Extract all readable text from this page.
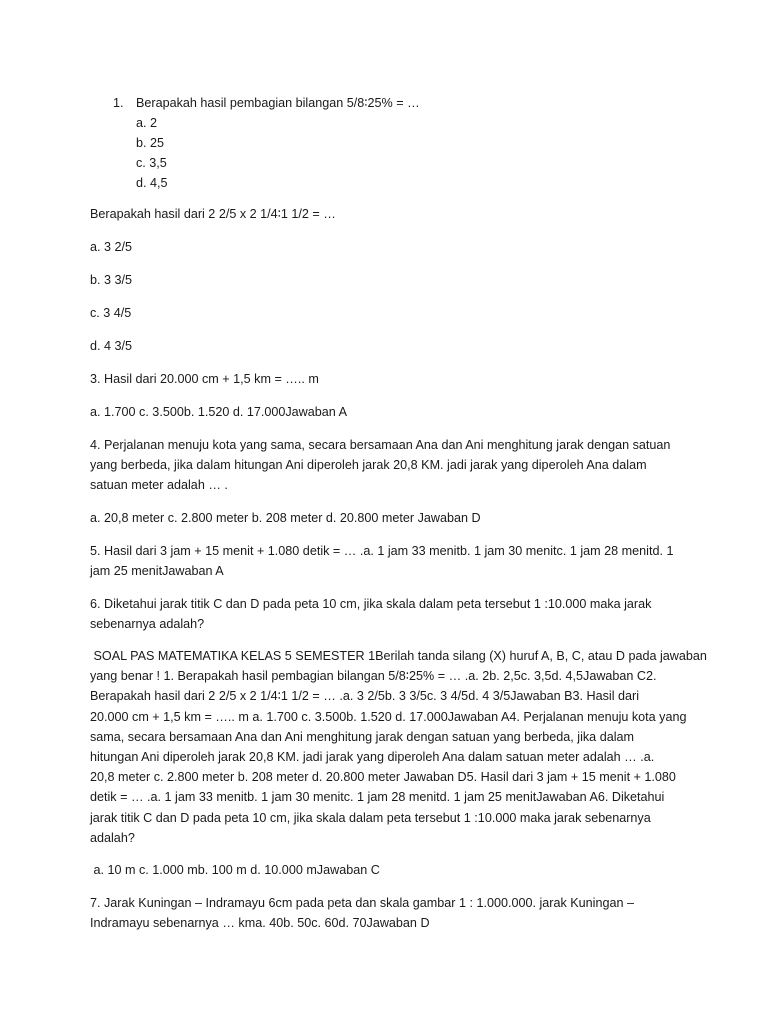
1. Berapakah hasil pembagian bilangan 5/8∶25% = …
a. 2
b. 25
c. 3,5
d. 4,5
Berapakah hasil dari 2 2/5 x 2 1/4∶1 1/2 = …
a. 3 2/5
b. 3 3/5
c. 3 4/5
d. 4 3/5
3. Hasil dari 20.000 cm + 1,5 km = ….. m
a. 1.700 c. 3.500b. 1.520 d. 17.000Jawaban A
4. Perjalanan menuju kota yang sama, secara bersamaan Ana dan Ani menghitung jarak dengan satuan
yang berbeda, jika dalam hitungan Ani diperoleh jarak 20,8 KM. jadi jarak yang diperoleh Ana dalam
satuan meter adalah … .
a. 20,8 meter c. 2.800 meter b. 208 meter d. 20.800 meter Jawaban D
5. Hasil dari 3 jam + 15 menit + 1.080 detik = … .a. 1 jam 33 menitb. 1 jam 30 menitc. 1 jam 28 menitd. 1
jam 25 menitJawaban A
6. Diketahui jarak titik C dan D pada peta 10 cm, jika skala dalam peta tersebut 1 :10.000 maka jarak
sebenarnya adalah?
SOAL PAS MATEMATIKA KELAS 5 SEMESTER 1Berilah tanda silang (X) huruf A, B, C, atau D pada jawaban
yang benar ! 1. Berapakah hasil pembagian bilangan 5/8∶25% = … .a. 2b. 2,5c. 3,5d. 4,5Jawaban C2.
Berapakah hasil dari 2 2/5 x 2 1/4∶1 1/2 = … .a. 3 2/5b. 3 3/5c. 3 4/5d. 4 3/5Jawaban B3. Hasil dari
20.000 cm + 1,5 km = ….. m a. 1.700 c. 3.500b. 1.520 d. 17.000Jawaban A4. Perjalanan menuju kota yang
sama, secara bersamaan Ana dan Ani menghitung jarak dengan satuan yang berbeda, jika dalam
hitungan Ani diperoleh jarak 20,8 KM. jadi jarak yang diperoleh Ana dalam satuan meter adalah … .a.
20,8 meter c. 2.800 meter b. 208 meter d. 20.800 meter Jawaban D5. Hasil dari 3 jam + 15 menit + 1.080
detik = … .a. 1 jam 33 menitb. 1 jam 30 menitc. 1 jam 28 menitd. 1 jam 25 menitJawaban A6. Diketahui
jarak titik C dan D pada peta 10 cm, jika skala dalam peta tersebut 1 :10.000 maka jarak sebenarnya
adalah?
a. 10 m c. 1.000 mb. 100 m d. 10.000 mJawaban C
7. Jarak Kuningan – Indramayu 6cm pada peta dan skala gambar 1 : 1.000.000. jarak Kuningan –
Indramayu sebenarnya … kma. 40b. 50c. 60d. 70Jawaban D
